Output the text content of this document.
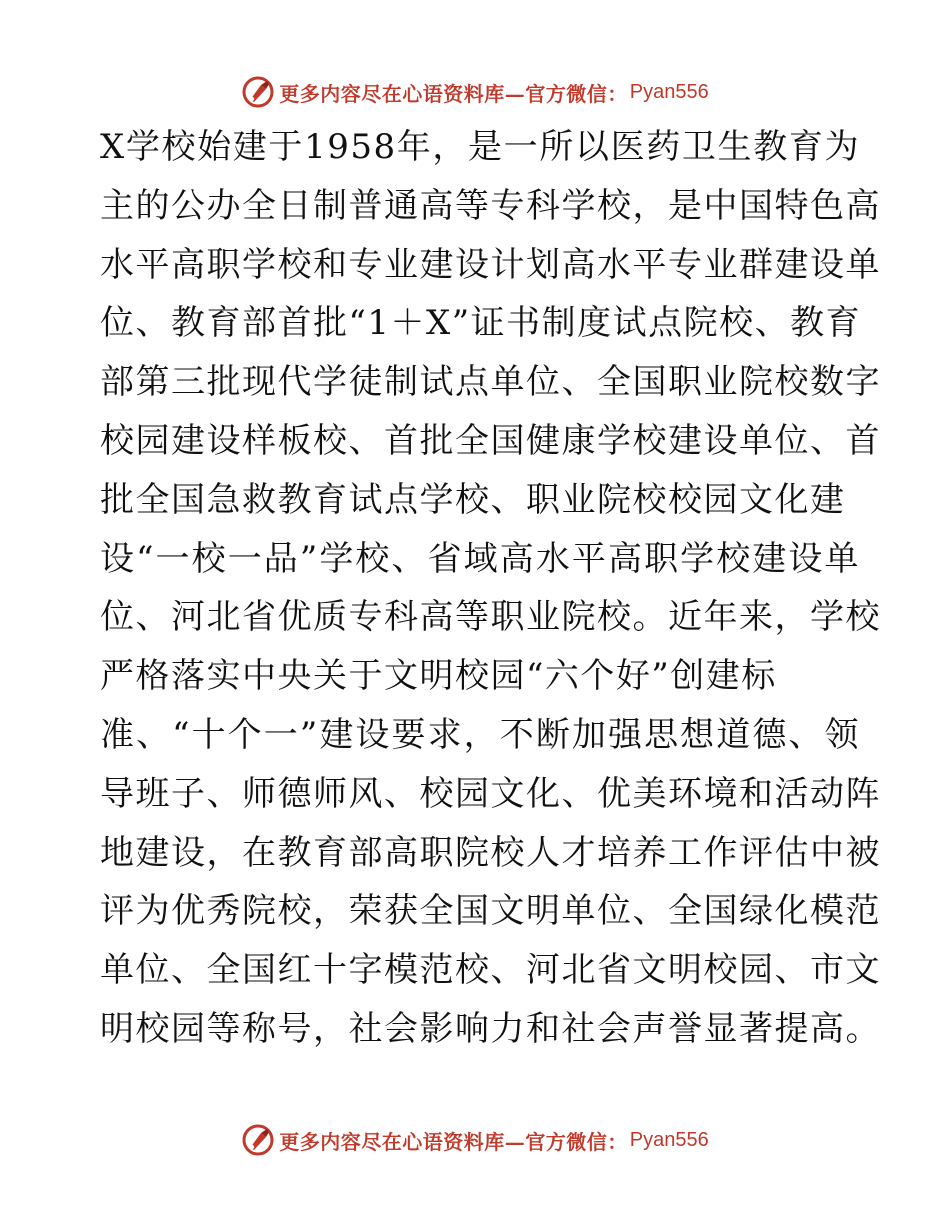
更多内容尽在心语资料库—官方微信： Pyan556
X学校始建于1958年，是一所以医药卫生教育为
主的公办全日制普通高等专科学校，是中国特色高
水平高职学校和专业建设计划高水平专业群建设单
位、教育部首批“1＋X”证书制度试点院校、教育
部第三批现代学徒制试点单位、全国职业院校数字
校园建设样板校、首批全国健康学校建设单位、首
批全国急救教育试点学校、职业院校校园文化建
设“一校一品”学校、省域高水平高职学校建设单
位、河北省优质专科高等职业院校。近年来，学校
严格落实中央关于文明校园“六个好”创建标
准、“十个一”建设要求，不断加强思想道德、领
导班子、师德师风、校园文化、优美环境和活动阵
地建设，在教育部高职院校人才培养工作评估中被
评为优秀院校，荣获全国文明单位、全国绿化模范
单位、全国红十字模范校、河北省文明校园、市文
明校园等称号，社会影响力和社会声誉显著提高。
更多内容尽在心语资料库—官方微信： Pyan556
